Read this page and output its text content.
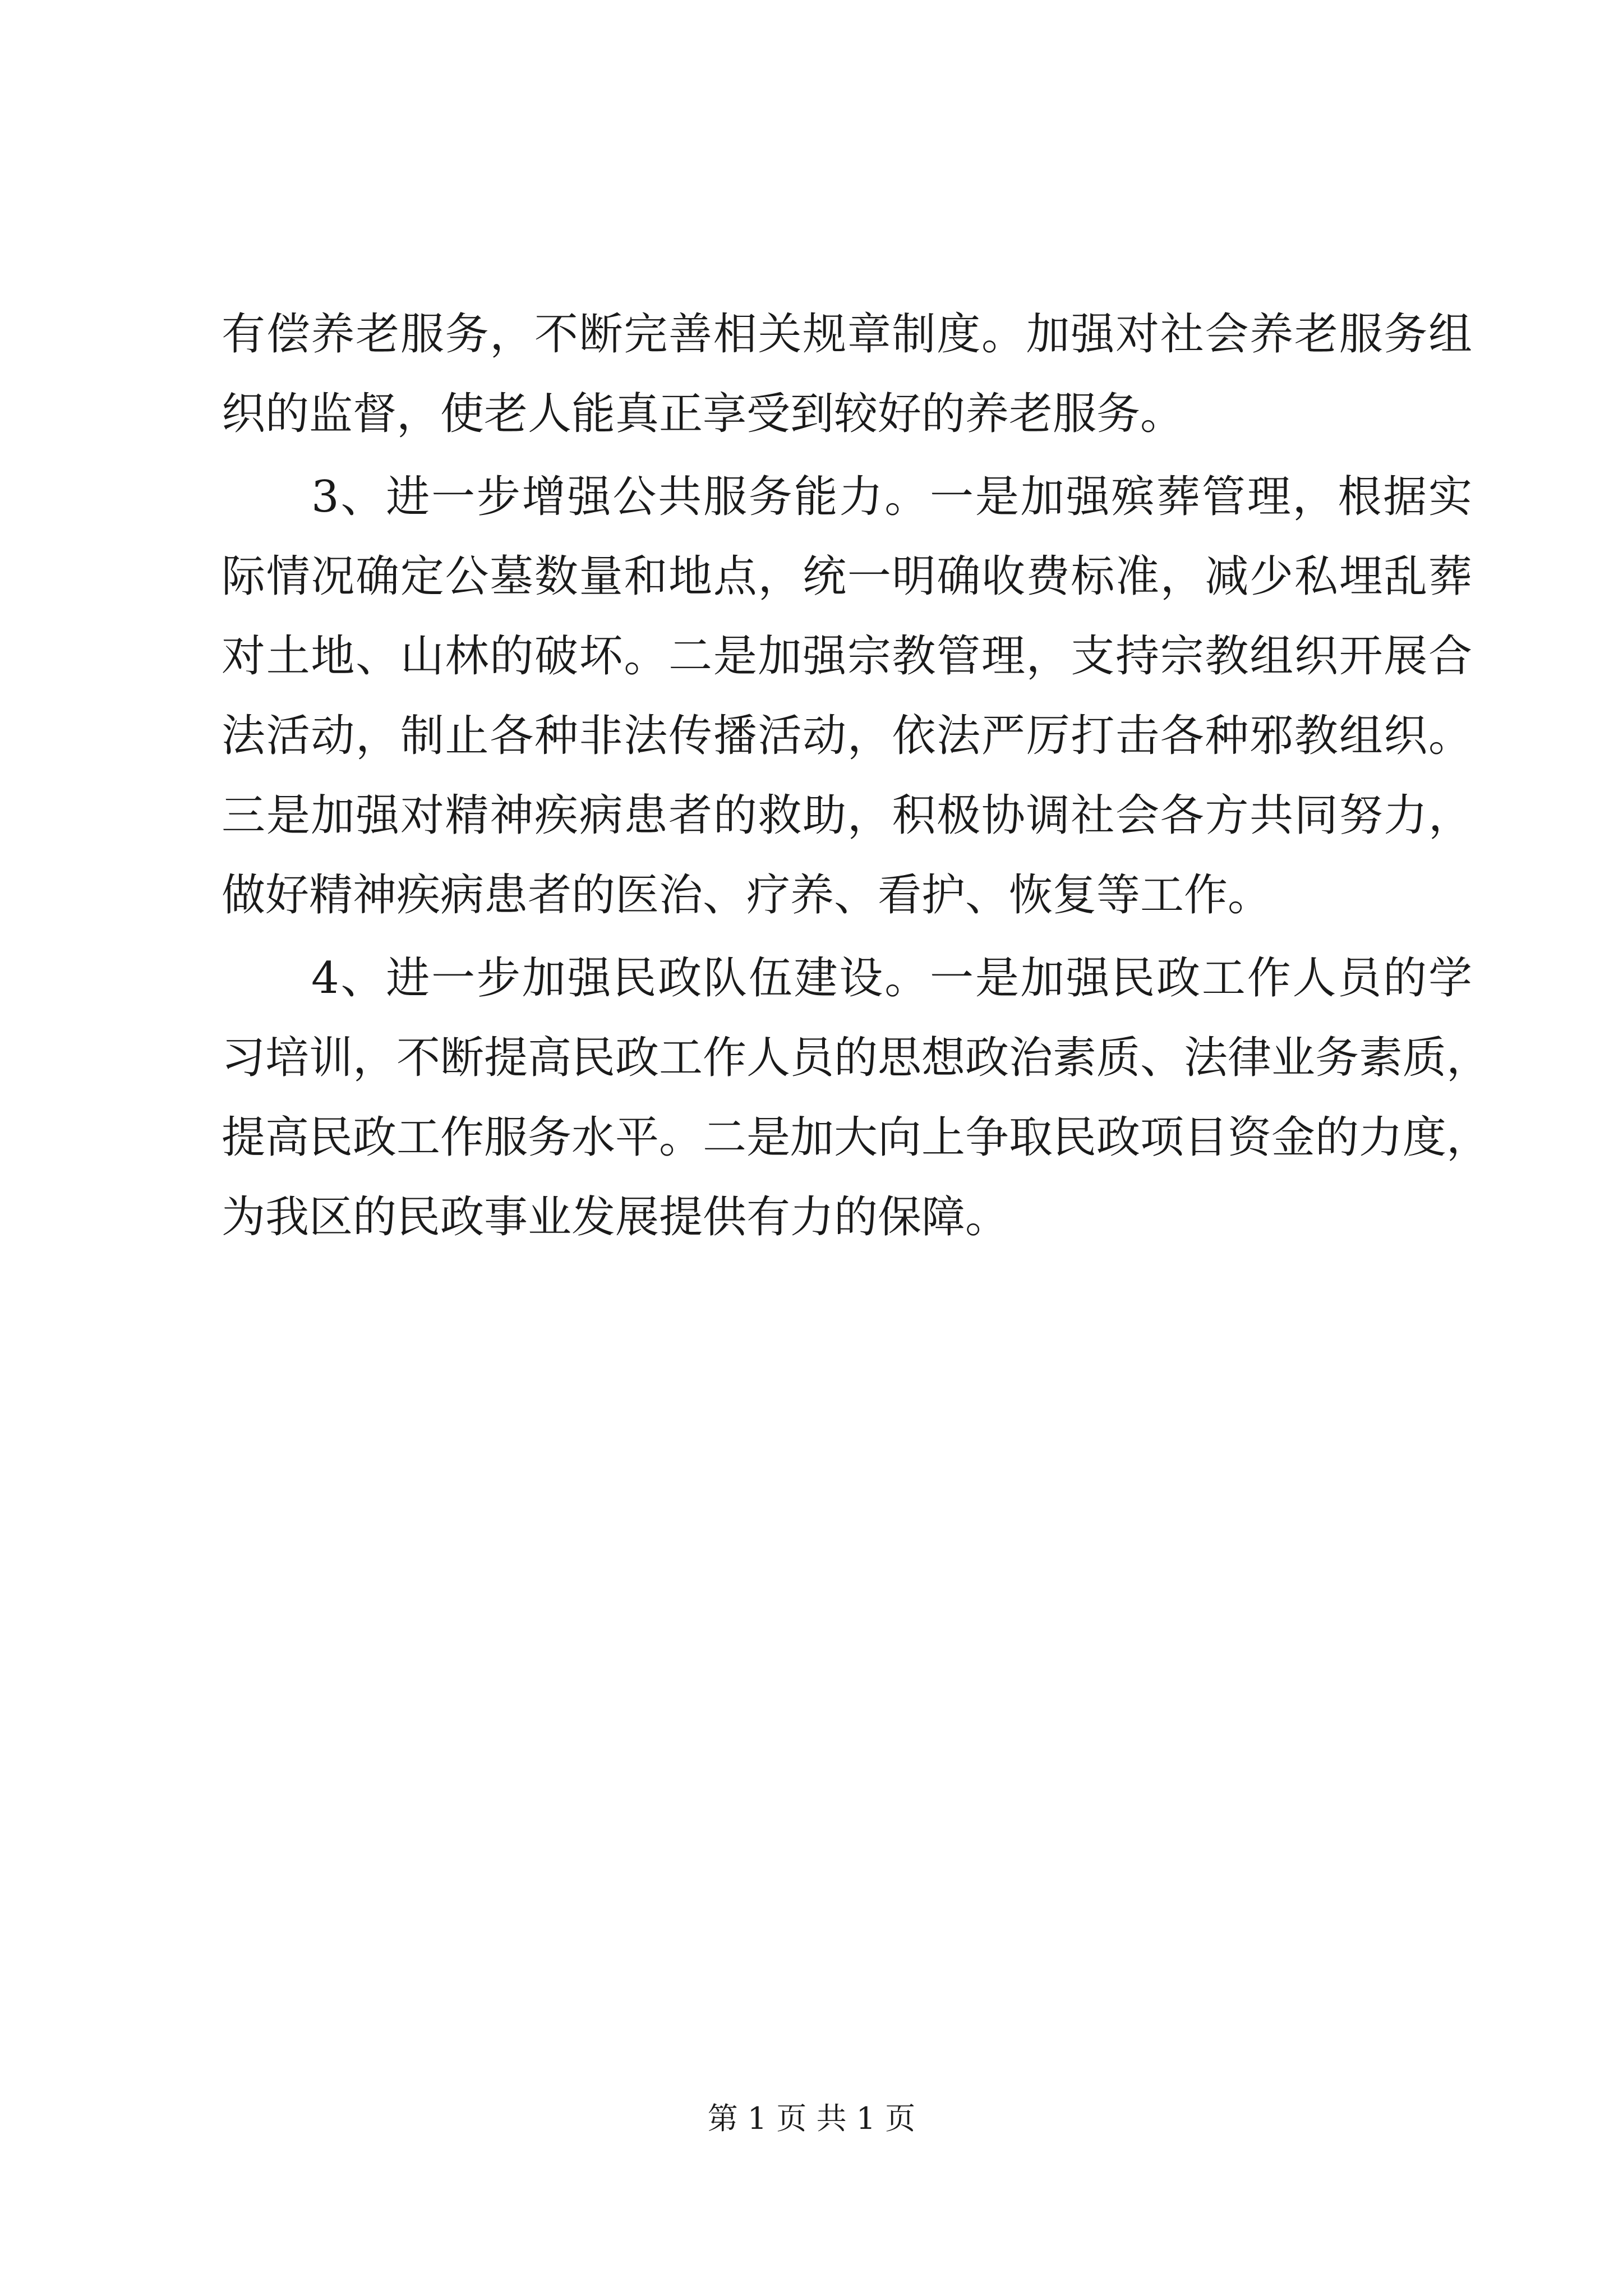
有偿养老服务，不断完善相关规章制度。加强对社会养老服务组
织的监督，使老人能真正享受到较好的养老服务。
3、进一步增强公共服务能力。一是加强殡葬管理，根据实
际情况确定公墓数量和地点，统一明确收费标准，减少私埋乱葬
对土地、山林的破坏。二是加强宗教管理，支持宗教组织开展合
法活动，制止各种非法传播活动，依法严厉打击各种邪教组织。
三是加强对精神疾病患者的救助，积极协调社会各方共同努力，
做好精神疾病患者的医治、疗养、看护、恢复等工作。
4、进一步加强民政队伍建设。一是加强民政工作人员的学
习培训，不断提高民政工作人员的思想政治素质、法律业务素质，
提高民政工作服务水平。二是加大向上争取民政项目资金的力度，
为我区的民政事业发展提供有力的保障。
第 1 页 共 1 页
